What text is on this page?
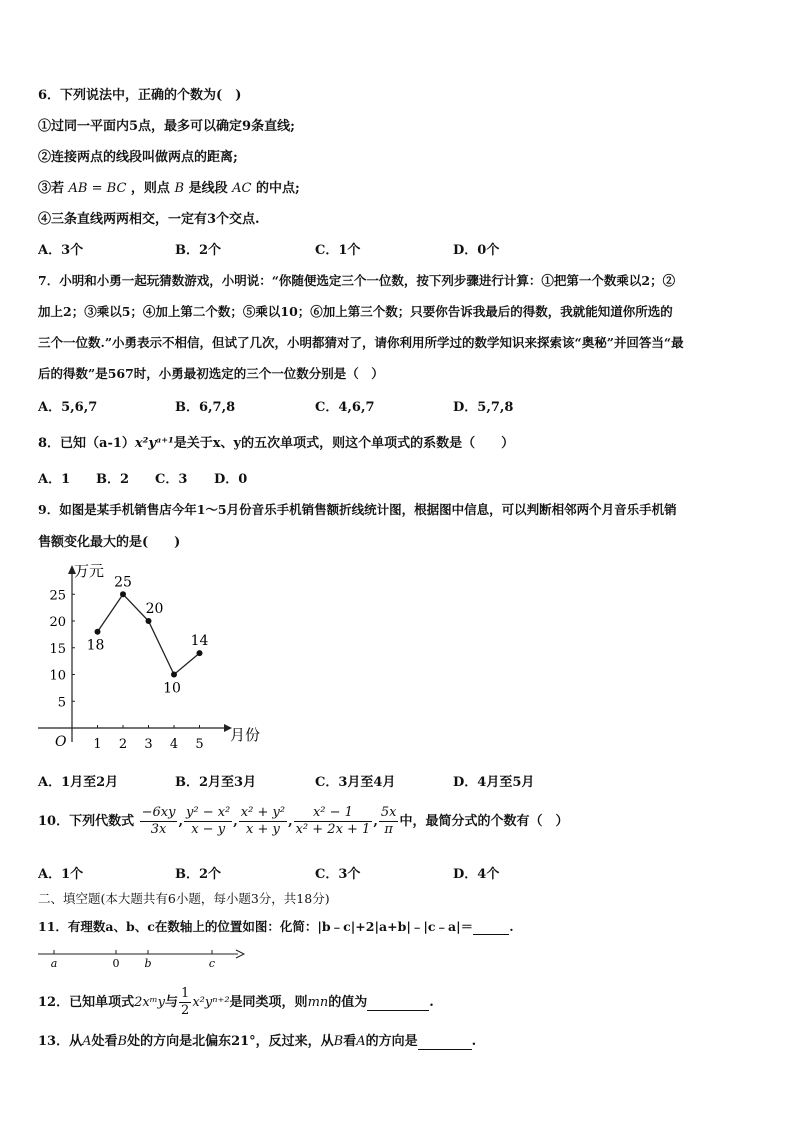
6．下列说法中，正确的个数为(　)
①过同一平面内5点，最多可以确定9条直线;
②连接两点的线段叫做两点的距离;
③若 AB = BC ，则点 B 是线段 AC 的中点;
④三条直线两两相交，一定有3个交点.
A．3个	B．2个	C．1个	D．0个
7．小明和小勇一起玩猜数游戏，小明说：“你随便选定三个一位数，按下列步骤进行计算：①把第一个数乘以2；②
加上2；③乘以5；④加上第二个数；⑤乘以10；⑥加上第三个数；只要你告诉我最后的得数，我就能知道你所选的
三个一位数.”小勇表示不相信，但试了几次，小明都猜对了，请你利用所学过的数学知识来探索该“奥秘”并回答当“最
后的得数”是567时，小勇最初选定的三个一位数分别是（　）
A．5,6,7	B．6,7,8	C．4,6,7	D．5,7,8
8．已知（a-1）x²yᵃ⁺¹是关于x、y的五次单项式，则这个单项式的系数是（　　）
A．1 B．2 C．3 D．0
9．如图是某手机销售店今年1～5月份音乐手机销售额折线统计图，根据图中信息，可以判断相邻两个月音乐手机销
售额变化最大的是(　　)
万元
月份
O
5
10
15
20
25
1 2 3 4 5
18
25
20
10
14
A．1月至2月	B．2月至3月	C．3月至4月	D．4月至5月
10．下列代数式 $\frac{-6xy}{3x}$ , $\frac{\text{y² − x²}}{x - y}$ , $\frac{\text{x² + y²}}{x + y}$ , $\frac{\text{x² − 1}}{\text{x² + 2x + 1}}$ , $\frac{5x}{\pi}$ 中，最简分式的个数有（　）
A．1个	B．2个	C．3个	D．4个
二、填空题(本大题共有6小题，每小题3分，共18分)
11．有理数a、b、c在数轴上的位置如图：化简：|b﹣c|+2|a+b|﹣|c﹣a|＝	.
a	0 b	c
12．已知单项式2xᵐy与 $\frac{1}{2} x^2y^{n+2}$是同类项，则mn的值为	.
13．从A处看B处的方向是北偏东21°，反过来，从B看A的方向是	.
